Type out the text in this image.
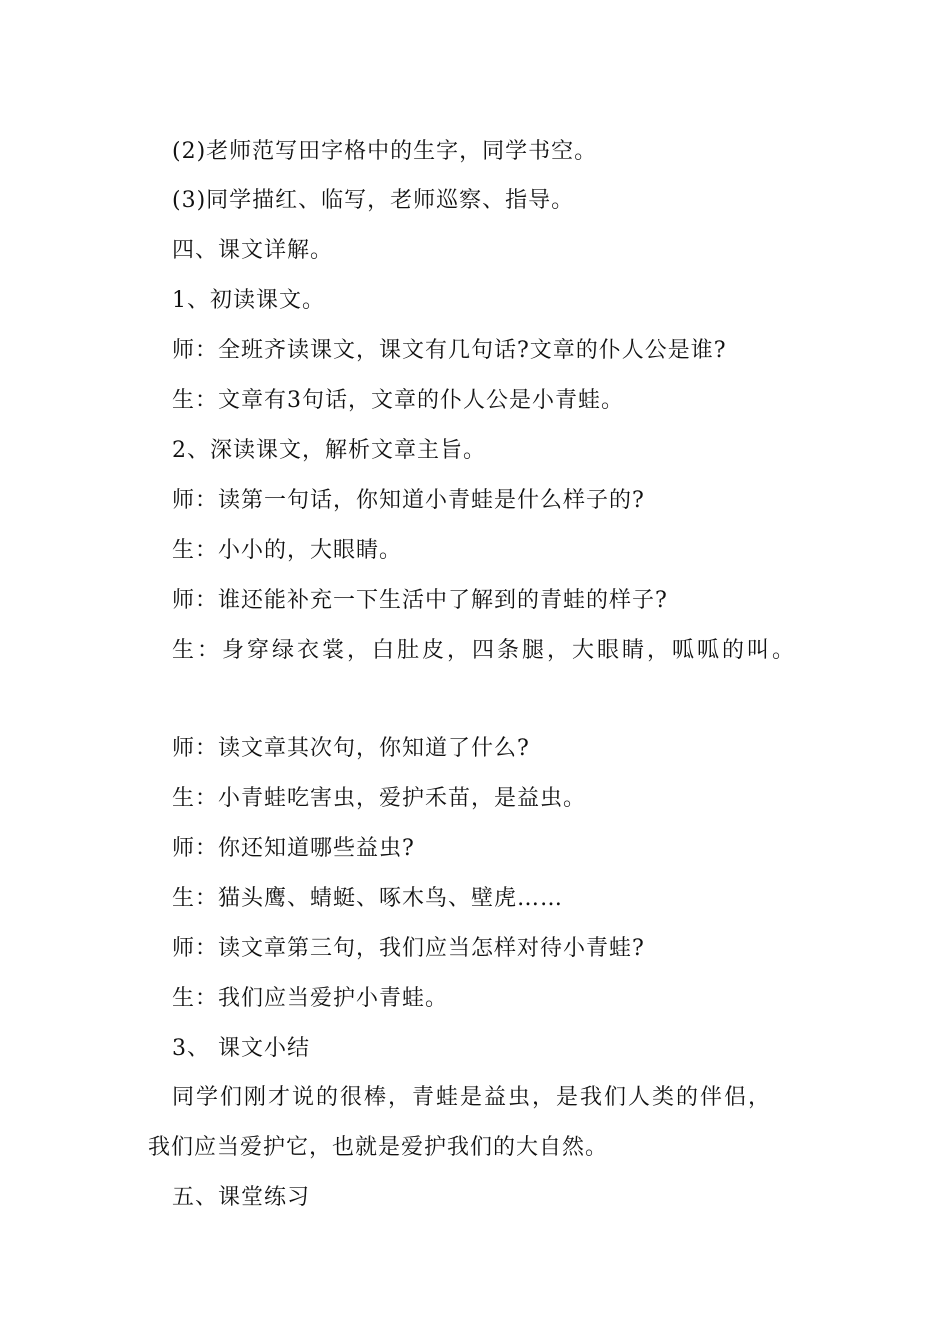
(2)老师范写田字格中的生字，同学书空。
(3)同学描红、临写，老师巡察、指导。
四、课文详解。
1、初读课文。
师：全班齐读课文，课文有几句话?文章的仆人公是谁?
生：文章有3句话，文章的仆人公是小青蛙。
2、深读课文，解析文章主旨。
师：读第一句话，你知道小青蛙是什么样子的?
生：小小的，大眼睛。
师：谁还能补充一下生活中了解到的青蛙的样子?
生：身穿绿衣裳，白肚皮，四条腿，大眼睛，呱呱的叫。
师：读文章其次句，你知道了什么?
生：小青蛙吃害虫，爱护禾苗，是益虫。
师：你还知道哪些益虫?
生：猫头鹰、蜻蜓、啄木鸟、壁虎……
师：读文章第三句，我们应当怎样对待小青蛙?
生：我们应当爱护小青蛙。
3、 课文小结
同学们刚才说的很棒，青蛙是益虫，是我们人类的伴侣，
我们应当爱护它，也就是爱护我们的大自然。
五、课堂练习
